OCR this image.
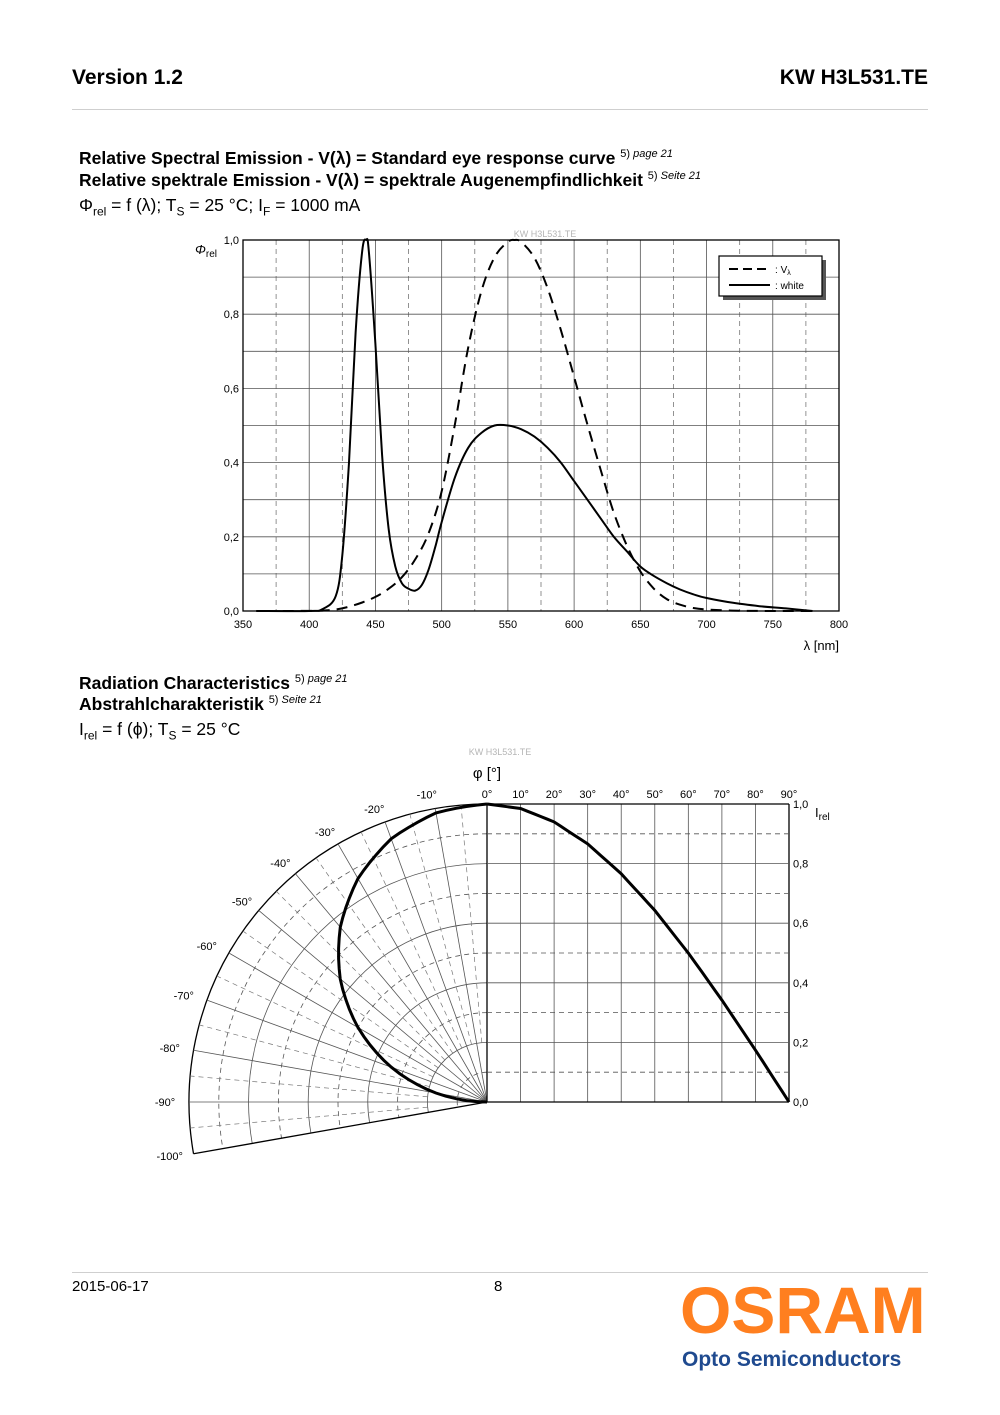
Version 1.2	KW H3L531.TE
Relative Spectral Emission - V(λ) = Standard eye response curve $^{5) page 21}$
Relative spektrale Emission - V(λ) = spektrale Augenempfindlichkeit $^{5) Seite 21}$
$\Phi_{rel} = f$ (λ); $T_S = 25$ °C; $I_F = 1000$ mA
350	400	450	500	550	600	650	700	750	800
0,0
0,2
0,4
0,6
0,8
1,0
KW H3L531.TE
$\Phi_{rel}$
λ [nm]
: $V_\lambda$
: white
Radiation Characteristics $^{5) page 21}$
Abstrahlcharakteristik $^{5) Seite 21}$
$I_{rel} = f$ (ϕ); $T_S = 25$ °C
-10°
-20°
-30°
-40°
-50°
-60°
-70°
-80°
-90°
-100°
0° 10° 20° 30° 40° 50° 60° 70° 80° 90°
1,0
0,8
0,6
0,4
0,2
0,0
KW H3L531.TE
φ [°]
$I_{rel}$
2015-06-17	8	OSRAM
Opto Semiconductors
